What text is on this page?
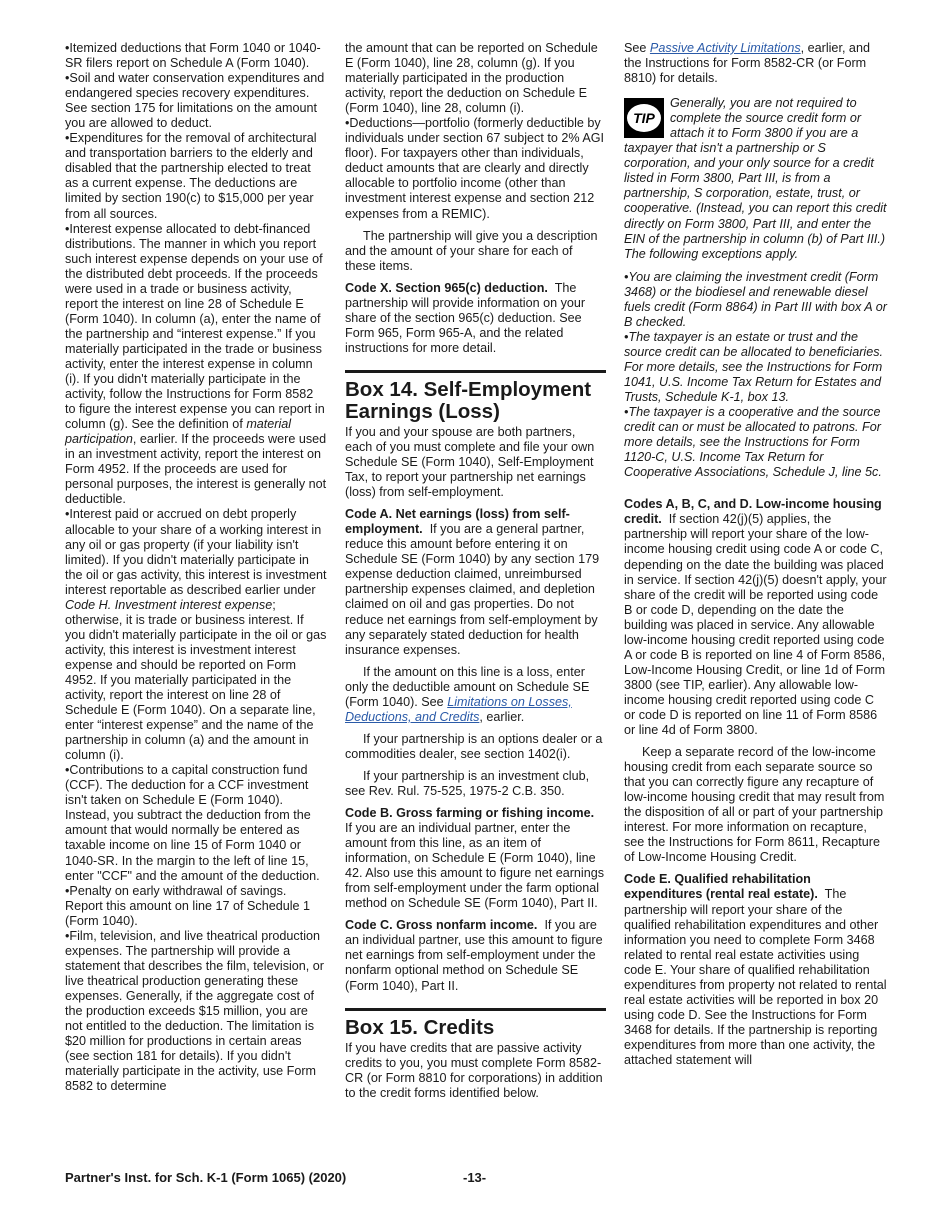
•Itemized deductions that Form 1040 or 1040-SR filers report on Schedule A (Form 1040).

•Soil and water conservation expenditures and endangered species recovery expenditures. See section 175 for limitations on the amount you are allowed to deduct.

•Expenditures for the removal of architectural and transportation barriers to the elderly and disabled that the partnership elected to treat as a current expense. The deductions are limited by section 190(c) to $15,000 per year from all sources.

•Interest expense allocated to debt-financed distributions. The manner in which you report such interest expense depends on your use of the distributed debt proceeds. If the proceeds were used in a trade or business activity, report the interest on line 28 of Schedule E (Form 1040). In column (a), enter the name of the partnership and “interest expense.” If you materially participated in the trade or business activity, enter the interest expense in column (i). If you didn't materially participate in the activity, follow the Instructions for Form 8582 to figure the interest expense you can report in column (g). See the definition of material participation, earlier. If the proceeds were used in an investment activity, report the interest on Form 4952. If the proceeds are used for personal purposes, the interest is generally not deductible.

•Interest paid or accrued on debt properly allocable to your share of a working interest in any oil or gas property (if your liability isn't limited). If you didn't materially participate in the oil or gas activity, this interest is investment interest reportable as described earlier under Code H. Investment interest expense; otherwise, it is trade or business interest. If you didn't materially participate in the oil or gas activity, this interest is investment interest expense and should be reported on Form 4952. If you materially participated in the activity, report the interest on line 28 of Schedule E (Form 1040). On a separate line, enter “interest expense” and the name of the partnership in column (a) and the amount in column (i).

•Contributions to a capital construction fund (CCF). The deduction for a CCF investment isn't taken on Schedule E (Form 1040). Instead, you subtract the deduction from the amount that would normally be entered as taxable income on line 15 of Form 1040 or 1040-SR. In the margin to the left of line 15, enter "CCF" and the amount of the deduction.

•Penalty on early withdrawal of savings. Report this amount on line 17 of Schedule 1 (Form 1040).

•Film, television, and live theatrical production expenses. The partnership will provide a statement that describes the film, television, or live theatrical production generating these expenses. Generally, if the aggregate cost of the production exceeds $15 million, you are not entitled to the deduction. The limitation is $20 million for productions in certain areas (see section 181 for details). If you didn't materially participate in the activity, use Form 8582 to determine

the amount that can be reported on Schedule E (Form 1040), line 28, column (g). If you materially participated in the production activity, report the deduction on Schedule E (Form 1040), line 28, column (i).

•Deductions—portfolio (formerly deductible by individuals under section 67 subject to 2% AGI floor). For taxpayers other than individuals, deduct amounts that are clearly and directly allocable to portfolio income (other than investment interest expense and section 212 expenses from a REMIC).

The partnership will give you a description and the amount of your share for each of these items.

Code X. Section 965(c) deduction. The partnership will provide information on your share of the section 965(c) deduction. See Form 965, Form 965-A, and the related instructions for more detail.

Box 14. Self-Employment Earnings (Loss)

If you and your spouse are both partners, each of you must complete and file your own Schedule SE (Form 1040), Self-Employment Tax, to report your partnership net earnings (loss) from self-employment.

Code A. Net earnings (loss) from self-employment. If you are a general partner, reduce this amount before entering it on Schedule SE (Form 1040) by any section 179 expense deduction claimed, unreimbursed partnership expenses claimed, and depletion claimed on oil and gas properties. Do not reduce net earnings from self-employment by any separately stated deduction for health insurance expenses.

If the amount on this line is a loss, enter only the deductible amount on Schedule SE (Form 1040). See Limitations on Losses, Deductions, and Credits, earlier.

If your partnership is an options dealer or a commodities dealer, see section 1402(i).

If your partnership is an investment club, see Rev. Rul. 75-525, 1975-2 C.B. 350.

Code B. Gross farming or fishing income.  If you are an individual partner, enter the amount from this line, as an item of information, on Schedule E (Form 1040), line 42. Also use this amount to figure net earnings from self-employment under the farm optional method on Schedule SE (Form 1040), Part II.

Code C. Gross nonfarm income. If you are an individual partner, use this amount to figure net earnings from self-employment under the nonfarm optional method on Schedule SE (Form 1040), Part II.

Box 15. Credits

If you have credits that are passive activity credits to you, you must complete Form 8582-CR (or Form 8810 for corporations) in addition to the credit forms identified below.

See Passive Activity Limitations, earlier, and the Instructions for Form 8582-CR (or Form 8810) for details.

TIP
Generally, you are not required to complete the source credit form or attach it to Form 3800 if you are a taxpayer that isn't a partnership or S corporation, and your only source for a credit listed in Form 3800, Part III, is from a partnership, S corporation, estate, trust, or cooperative. (Instead, you can report this credit directly on Form 3800, Part III, and enter the EIN of the partnership in column (b) of Part III.) The following exceptions apply.

•You are claiming the investment credit (Form 3468) or the biodiesel and renewable diesel fuels credit (Form 8864) in Part III with box A or B checked.

•The taxpayer is an estate or trust and the source credit can be allocated to beneficiaries. For more details, see the Instructions for Form 1041, U.S. Income Tax Return for Estates and Trusts, Schedule K-1, box 13.

•The taxpayer is a cooperative and the source credit can or must be allocated to patrons. For more details, see the Instructions for Form 1120-C, U.S. Income Tax Return for Cooperative Associations, Schedule J, line 5c.

Codes A, B, C, and D. Low-income housing credit. If section 42(j)(5) applies, the partnership will report your share of the low-income housing credit using code A or code C, depending on the date the building was placed in service. If section 42(j)(5) doesn't apply, your share of the credit will be reported using code B or code D, depending on the date the building was placed in service. Any allowable low-income housing credit reported using code A or code B is reported on line 4 of Form 8586, Low-Income Housing Credit, or line 1d of Form 3800 (see TIP, earlier). Any allowable low-income housing credit reported using code C or code D is reported on line 11 of Form 8586 or line 4d of Form 3800.

Keep a separate record of the low-income housing credit from each separate source so that you can correctly figure any recapture of low-income housing credit that may result from the disposition of all or part of your partnership interest. For more information on recapture, see the Instructions for Form 8611, Recapture of Low-Income Housing Credit.

Code E. Qualified rehabilitation expenditures (rental real estate). The partnership will report your share of the qualified rehabilitation expenditures and other information you need to complete Form 3468 related to rental real estate activities using code E. Your share of qualified rehabilitation expenditures from property not related to rental real estate activities will be reported in box 20 using code D. See the Instructions for Form 3468 for details. If the partnership is reporting expenditures from more than one activity, the attached statement will

Partner's Inst. for Sch. K-1 (Form 1065) (2020)	-13-
